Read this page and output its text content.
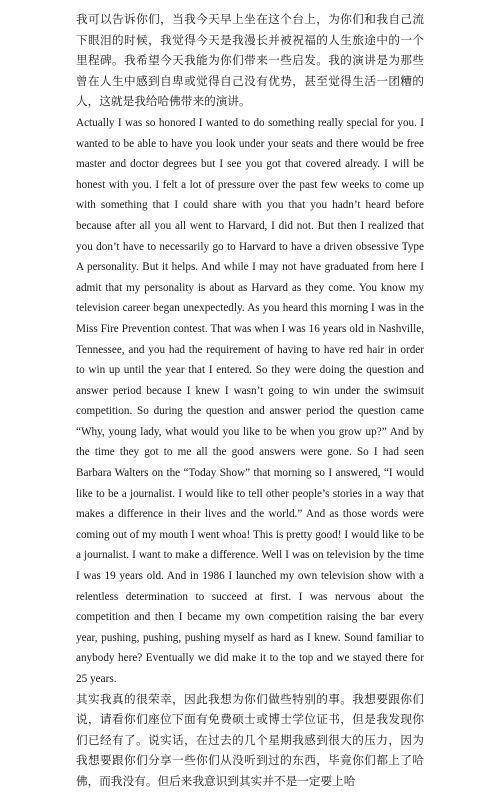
我可以告诉你们，当我今天早上坐在这个台上，为你们和我自己流下眼泪的时候，我觉得今天是我漫长并被祝福的人生旅途中的一个里程碑。我希望今天我能为你们带来一些启发。我的演讲是为那些曾在人生中感到自卑或觉得自己没有优势，甚至觉得生活一团糟的人，这就是我给哈佛带来的演讲。

Actually I was so honored I wanted to do something really special for you. I wanted to be able to have you look under your seats and there would be free master and doctor degrees but I see you got that covered already. I will be honest with you. I felt a lot of pressure over the past few weeks to come up with something that I could share with you that you hadn’t heard before because after all you all went to Harvard, I did not. But then I realized that you don’t have to necessarily go to Harvard to have a driven obsessive Type A personality. But it helps. And while I may not have graduated from here I admit that my personality is about as Harvard as they come. You know my television career began unexpectedly. As you heard this morning I was in the Miss Fire Prevention contest. That was when I was 16 years old in Nashville, Tennessee, and you had the requirement of having to have red hair in order to win up until the year that I entered. So they were doing the question and answer period because I knew I wasn’t going to win under the swimsuit competition. So during the question and answer period the question came “Why, young lady, what would you like to be when you grow up?” And by the time they got to me all the good answers were gone. So I had seen Barbara Walters on the “Today Show” that morning so I answered, “I would like to be a journalist. I would like to tell other people’s stories in a way that makes a difference in their lives and the world.” And as those words were coming out of my mouth I went whoa! This is pretty good! I would like to be a journalist. I want to make a difference. Well I was on television by the time I was 19 years old. And in 1986 I launched my own television show with a relentless determination to succeed at first. I was nervous about the competition and then I became my own competition raising the bar every year, pushing, pushing, pushing myself as hard as I knew. Sound familiar to anybody here? Eventually we did make it to the top and we stayed there for 25 years.

其实我真的很荣幸，因此我想为你们做些特别的事。我想要跟你们说，请看你们座位下面有免费硕士或博士学位证书，但是我发现你们已经有了。说实话，在过去的几个星期我感到很大的压力，因为我想要跟你们分享一些你们从没听到过的东西，毕竟你们都上了哈佛，而我没有。但后来我意识到其实并不是一定要上哈
